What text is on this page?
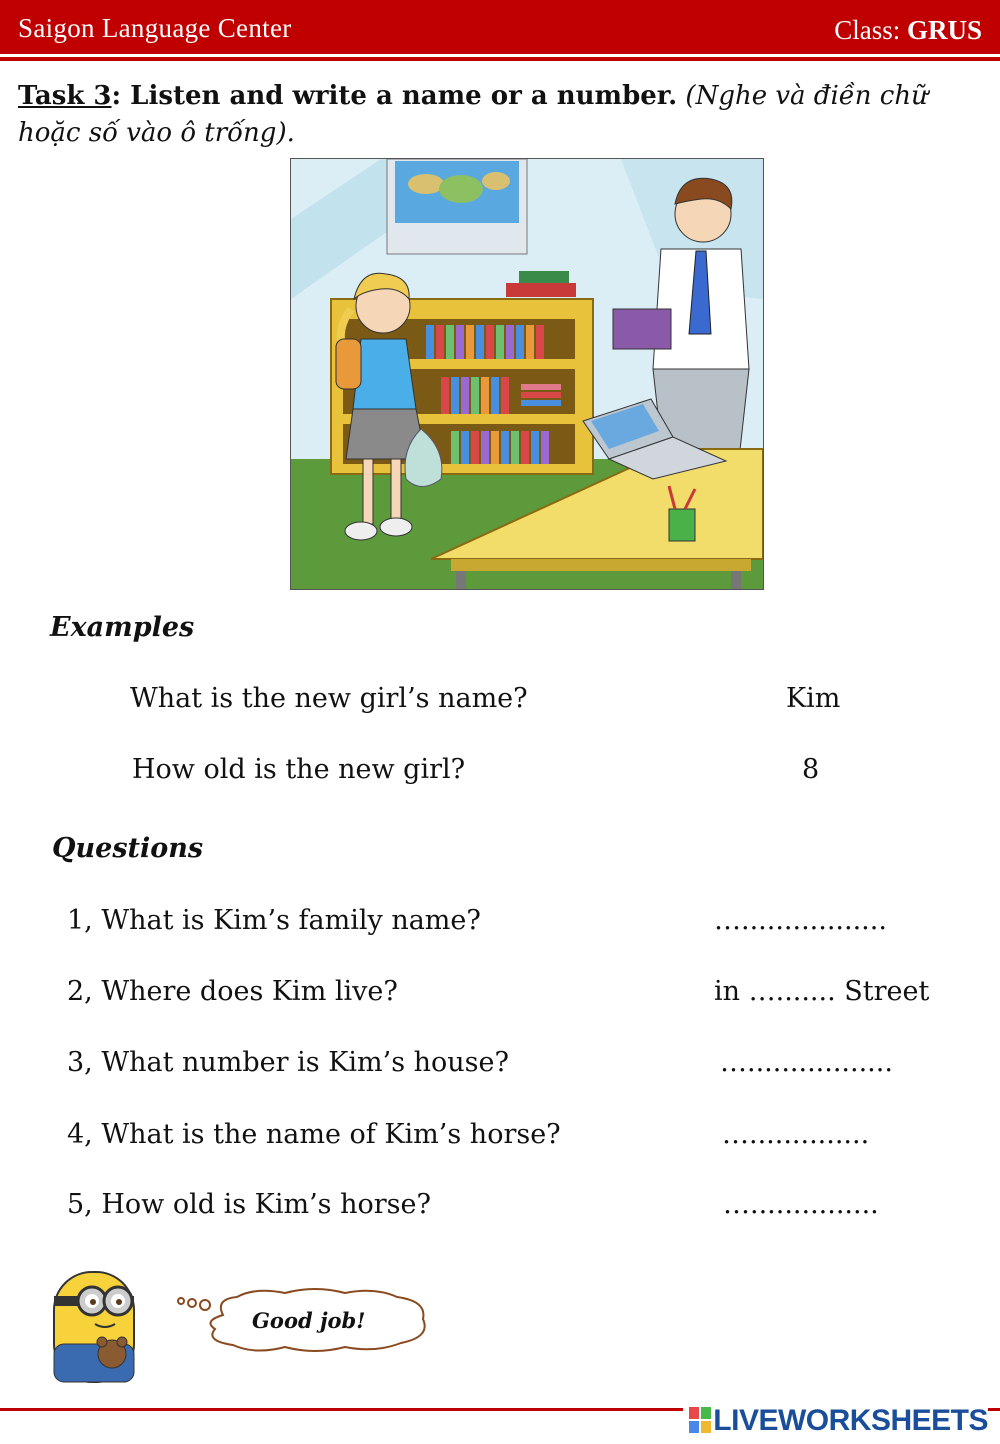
Saigon Language Center	Class: GRUS
Task 3: Listen and write a name or a number. (Nghe và điền chữ hoặc số vào ô trống).
Examples
What is the new girl’s name?	Kim
How old is the new girl?	8
Questions
1, What is Kim’s family name?	….................
2, Where does Kim live?	in …....... Street
3, What number is Kim’s house?	….................
4, What is the name of Kim’s horse?	…..............
5, How old is Kim’s horse?	…...............
Good job!
LIVEWORKSHEETS
